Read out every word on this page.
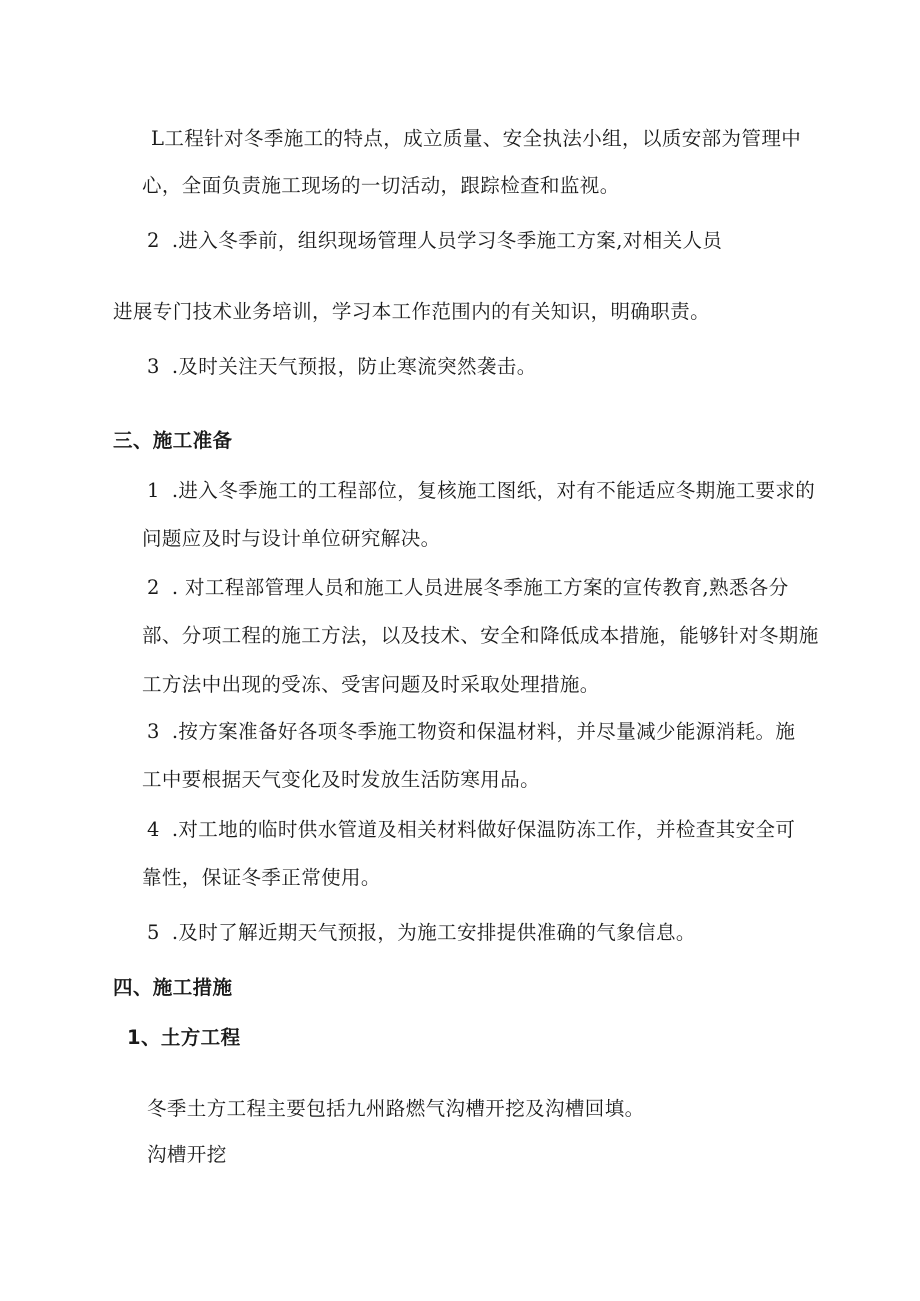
L工程针对冬季施工的特点，成立质量、安全执法小组，以质安部为管理中
心，全面负责施工现场的一切活动，跟踪检查和监视。
2 .进入冬季前，组织现场管理人员学习冬季施工方案,对相关人员
进展专门技术业务培训，学习本工作范围内的有关知识，明确职责。
3 .及时关注天气预报，防止寒流突然袭击。
三、施工准备
1 .进入冬季施工的工程部位，复核施工图纸，对有不能适应冬期施工要求的
问题应及时与设计单位研究解决。
2 . 对工程部管理人员和施工人员进展冬季施工方案的宣传教育,熟悉各分
部、分项工程的施工方法，以及技术、安全和降低成本措施，能够针对冬期施
工方法中出现的受冻、受害问题及时采取处理措施。
3 .按方案准备好各项冬季施工物资和保温材料，并尽量减少能源消耗。施
工中要根据天气变化及时发放生活防寒用品。
4 .对工地的临时供水管道及相关材料做好保温防冻工作，并检查其安全可
靠性，保证冬季正常使用。
5 .及时了解近期天气预报，为施工安排提供准确的气象信息。
四、施工措施
1、土方工程
冬季土方工程主要包括九州路燃气沟槽开挖及沟槽回填。
沟槽开挖
